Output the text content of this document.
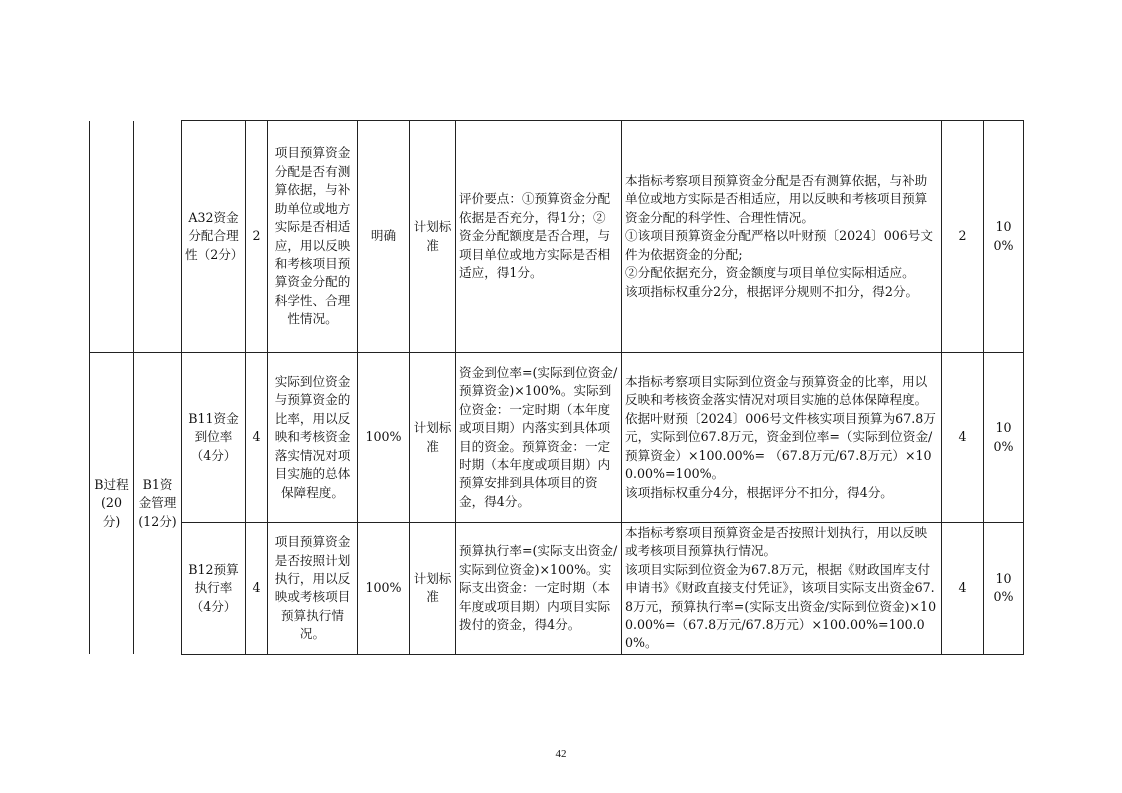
		A32资金分配合理性（2分）	2	项目预算资金分配是否有测算依据，与补助单位或地方实际是否相适应，用以反映和考核项目预算资金分配的科学性、合理性情况。	明确	计划标准	评价要点：①预算资金分配依据是否充分，得1分；②资金分配额度是否合理，与项目单位或地方实际是否相适应，得1分。	本指标考察项目预算资金分配是否有测算依据，与补助单位或地方实际是否相适应，用以反映和考核项目预算资金分配的科学性、合理性情况。
①该项目预算资金分配严格以叶财预〔2024〕006号文件为依据资金的分配;
②分配依据充分，资金额度与项目单位实际相适应。
该项指标权重分2分，根据评分规则不扣分，得2分。	2	100%
B过程(20分)	B1资金管理(12分)	B11资金到位率（4分）	4	实际到位资金与预算资金的比率，用以反映和考核资金落实情况对项目实施的总体保障程度。	100%	计划标准	资金到位率=(实际到位资金/预算资金)×100%。实际到位资金：一定时期（本年度或项目期）内落实到具体项目的资金。预算资金：一定时期（本年度或项目期）内预算安排到具体项目的资金，得4分。	本指标考察项目实际到位资金与预算资金的比率，用以反映和考核资金落实情况对项目实施的总体保障程度。
依据叶财预〔2024〕006号文件核实项目预算为67.8万元，实际到位67.8万元，资金到位率=（实际到位资金/预算资金）×100.00%= （67.8万元/67.8万元）×100.00%=100%。
该项指标权重分4分，根据评分不扣分，得4分。	4	100%
		B12预算执行率（4分）	4	项目预算资金是否按照计划执行，用以反映或考核项目预算执行情况。	100%	计划标准	预算执行率=(实际支出资金/实际到位资金)×100%。实际支出资金：一定时期（本年度或项目期）内项目实际拨付的资金，得4分。	本指标考察项目预算资金是否按照计划执行，用以反映或考核项目预算执行情况。
该项目实际到位资金为67.8万元，根据《财政国库支付申请书》《财政直接支付凭证》，该项目实际支出资金67.8万元，预算执行率=(实际支出资金/实际到位资金)×100.00%=（67.8万元/67.8万元）×100.00%=100.00%。	4	100%
42
